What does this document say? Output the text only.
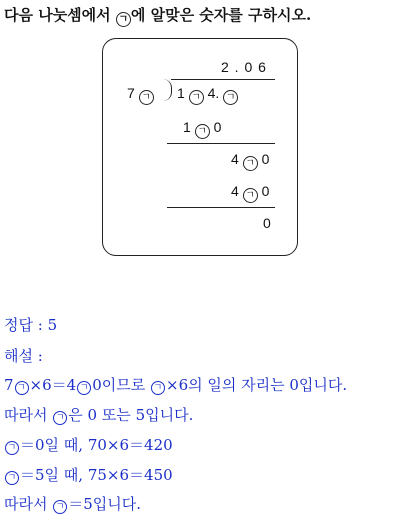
다음 나눗셈에서 ㄱ 에 알맞은 숫자를 구하시오.
2 . 0 6
7 ㄱ 1 ㄱ 4. ㄱ
1 ㄱ 0
4 ㄱ 0
4 ㄱ 0
0
정답 : 5
해설 :
7 ㄱ ×6＝4 ㄱ 0이므로 ㄱ ×6의 일의 자리는 0입니다.
따라서 ㄱ 은 0 또는 5입니다.
ㄱ ＝0일 때, 70×6＝420
ㄱ ＝5일 때, 75×6＝450
따라서 ㄱ ＝5입니다.
